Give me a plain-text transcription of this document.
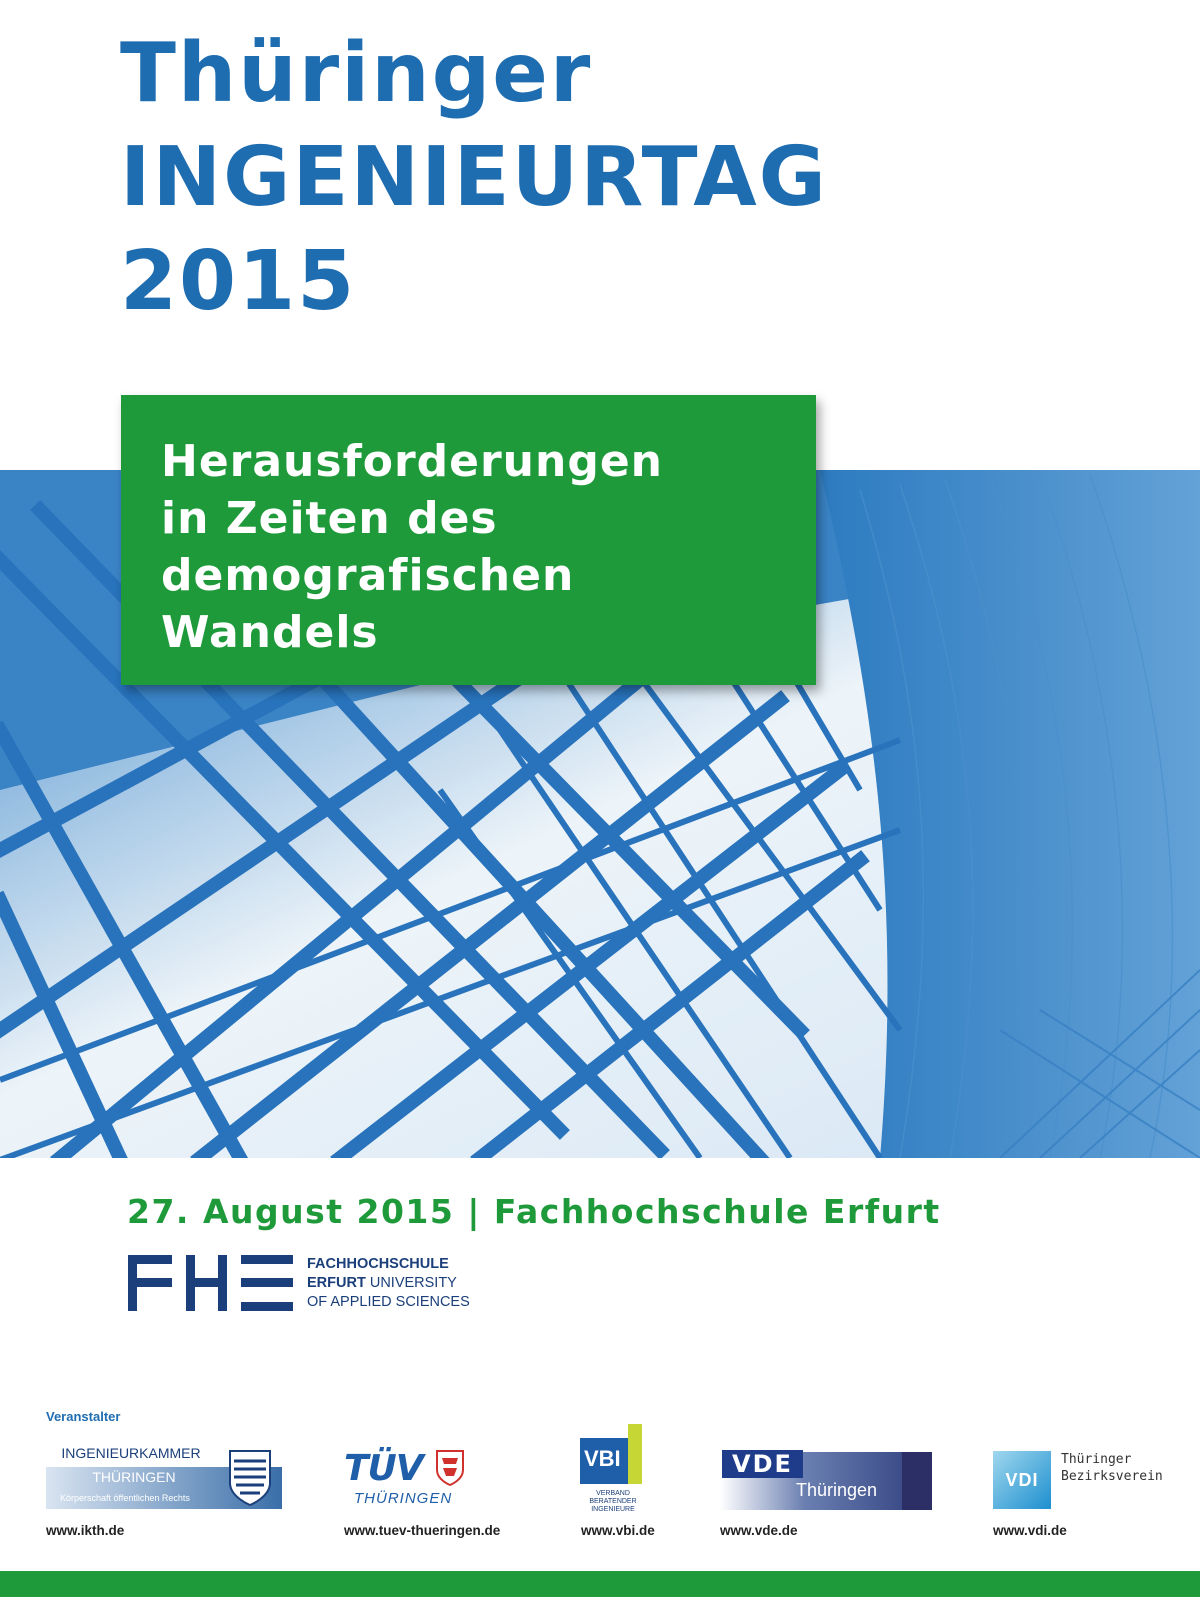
Thüringer
INGENIEURTAG
2015
Herausforderungen
in Zeiten des
demografischen
Wandels
27. August 2015 | Fachhochschule Erfurt
FACHHOCHSCHULE
ERFURT UNIVERSITY
OF APPLIED SCIENCES
Veranstalter
INGENIEURKAMMER
THÜRINGEN
Körperschaft öffentlichen Rechts
www.ikth.de
TÜV
THÜRINGEN
www.tuev-thueringen.de
VBI
VERBAND BERATENDER INGENIEURE
www.vbi.de
VDE
Thüringen
www.vde.de
VDI
Thüringer
Bezirksverein
www.vdi.de
